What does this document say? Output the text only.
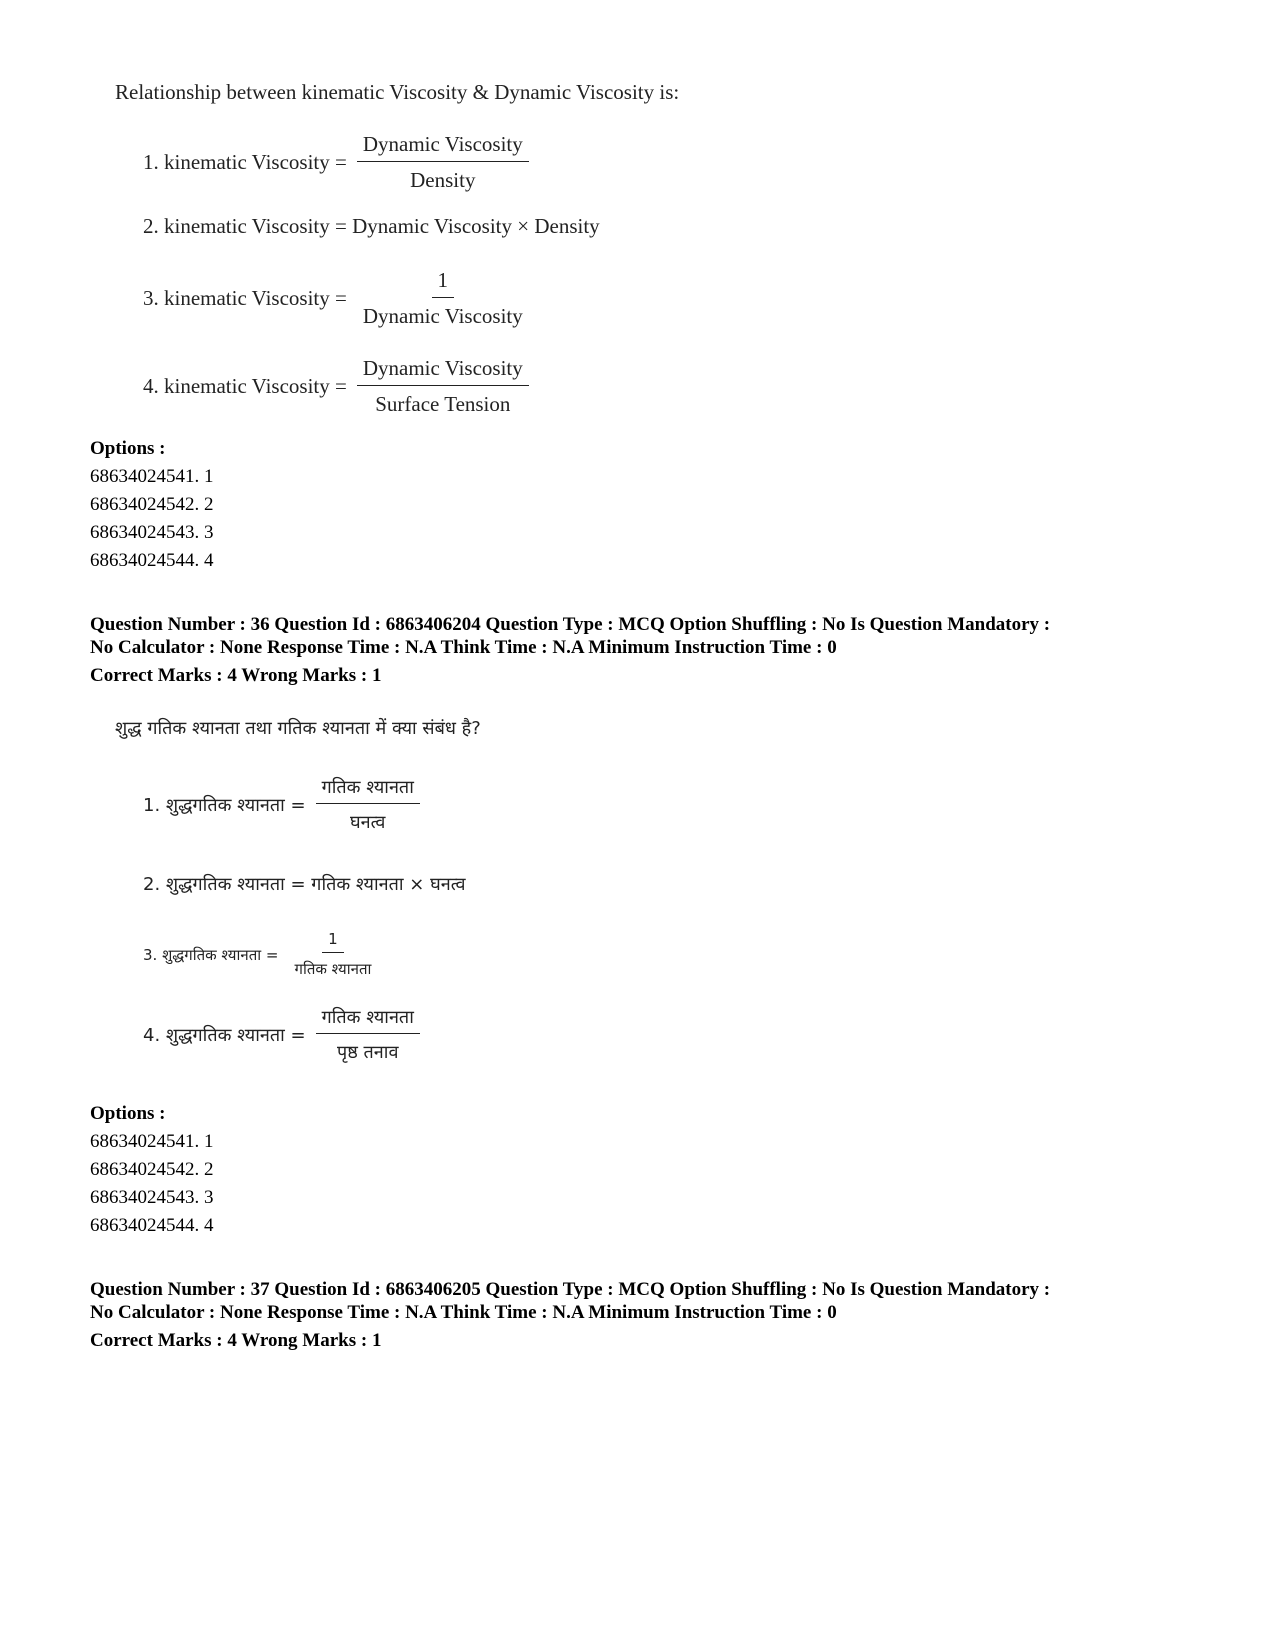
Relationship between kinematic Viscosity & Dynamic Viscosity is:
1. kinematic Viscosity = $\frac{\text{Dynamic Viscosity}}{\text{Density}}$
2. kinematic Viscosity = Dynamic Viscosity × Density
3. kinematic Viscosity = $\frac{1}{\text{Dynamic Viscosity}}$
4. kinematic Viscosity = $\frac{\text{Dynamic Viscosity}}{\text{Surface Tension}}$
Options :
68634024541. 1
68634024542. 2
68634024543. 3
68634024544. 4
Question Number : 36 Question Id : 6863406204 Question Type : MCQ Option Shuffling : No Is Question Mandatory :
No Calculator : None Response Time : N.A Think Time : N.A Minimum Instruction Time : 0
Correct Marks : 4 Wrong Marks : 1
शुद्ध गतिक श्यानता तथा गतिक श्यानता में क्या संबंध है?
1. शुद्धगतिक श्यानता = $\frac{\text{गतिक श्यानता}}{\text{घनत्व}}$
2. शुद्धगतिक श्यानता = गतिक श्यानता × घनत्व
3. शुद्धगतिक श्यानता = $\frac{1}{\text{गतिक श्यानता}}$
4. शुद्धगतिक श्यानता = $\frac{\text{गतिक श्यानता}}{\text{पृष्ठ तनाव}}$
Options :
68634024541. 1
68634024542. 2
68634024543. 3
68634024544. 4
Question Number : 37 Question Id : 6863406205 Question Type : MCQ Option Shuffling : No Is Question Mandatory :
No Calculator : None Response Time : N.A Think Time : N.A Minimum Instruction Time : 0
Correct Marks : 4 Wrong Marks : 1
